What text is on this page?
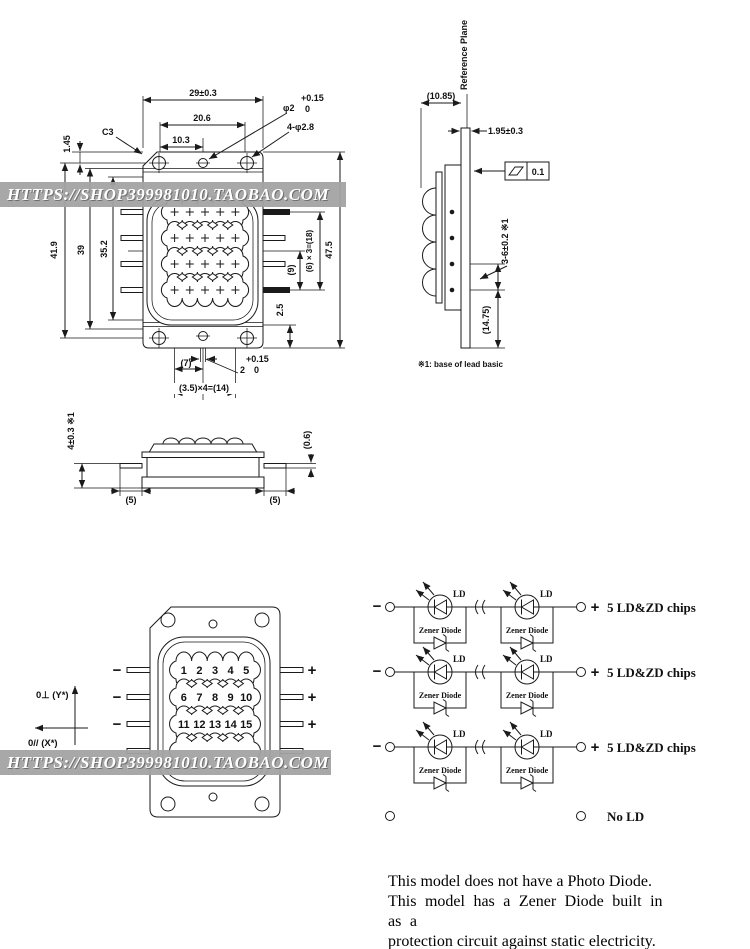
29±0.3
20.6
10.3
φ2
+0.15
0
4-φ2.8
C3
1.45
41.9 39 35.2	47.5
(6) × 3=(18)
(9)
2.5
(7)
2
+0.15
0
(3.5)×4=(14)
Reference Plane
(10.85)
1.95±0.3
0.1
3-6±0.2 ※1
(14.75)
※1: base of lead basic
4±0.3 ※1	(0.6)
(5)	(5)
1 2 3 4 5
6 7 8 9 10
11 12 13 14 15
−
−
−
+
+
+
0⊥ (Y*)
0// (X*)
−	+
LD	LD
Zener Diode	Zener Diode
5 LD&ZD chips
−	+
LD	LD
Zener Diode	Zener Diode
5 LD&ZD chips
−	+
LD	LD
Zener Diode	Zener Diode
5 LD&ZD chips
No LD
HTTPS://SHOP399981010.TAOBAO.COM
HTTPS://SHOP399981010.TAOBAO.COM
This model does not have a Photo Diode.
This model has a Zener Diode built in as a
protection circuit against static electricity.
